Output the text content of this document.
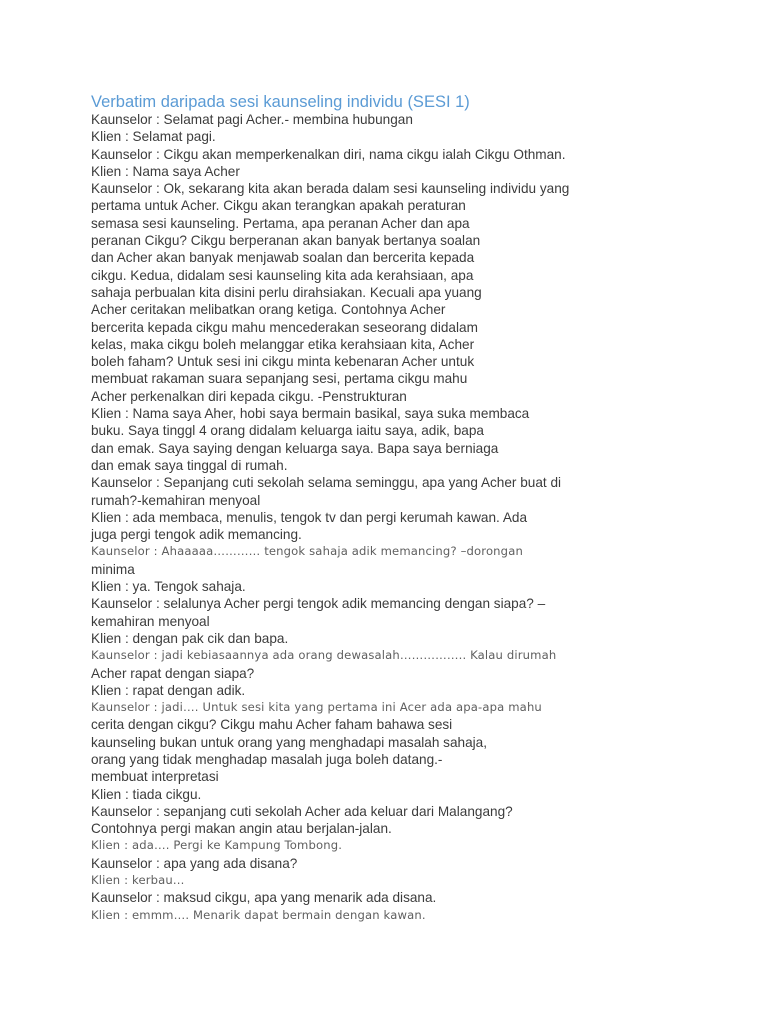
Verbatim daripada sesi kaunseling individu (SESI 1)
Kaunselor : Selamat pagi Acher.- membina hubungan
Klien : Selamat pagi.
Kaunselor : Cikgu akan memperkenalkan diri, nama cikgu ialah Cikgu Othman.
Klien : Nama saya Acher
Kaunselor : Ok, sekarang kita akan berada dalam sesi kaunseling individu yang
pertama untuk Acher. Cikgu akan terangkan apakah peraturan
semasa sesi kaunseling. Pertama, apa peranan Acher dan apa
peranan Cikgu? Cikgu berperanan akan banyak bertanya soalan
dan Acher akan banyak menjawab soalan dan bercerita kepada
cikgu. Kedua, didalam sesi kaunseling kita ada kerahsiaan, apa
sahaja perbualan kita disini perlu dirahsiakan. Kecuali apa yuang
Acher ceritakan melibatkan orang ketiga. Contohnya Acher
bercerita kepada cikgu mahu mencederakan seseorang didalam
kelas, maka cikgu boleh melanggar etika kerahsiaan kita, Acher
boleh faham? Untuk sesi ini cikgu minta kebenaran Acher untuk
membuat rakaman suara sepanjang sesi, pertama cikgu mahu
Acher perkenalkan diri kepada cikgu. -Penstrukturan
Klien : Nama saya Aher, hobi saya bermain basikal, saya suka membaca
buku. Saya tinggl 4 orang didalam keluarga iaitu saya, adik, bapa
dan emak. Saya saying dengan keluarga saya. Bapa saya berniaga
dan emak saya tinggal di rumah.
Kaunselor : Sepanjang cuti sekolah selama seminggu, apa yang Acher buat di
rumah?-kemahiran menyoal
Klien : ada membaca, menulis, tengok tv dan pergi kerumah kawan. Ada
juga pergi tengok adik memancing.
Kaunselor : Ahaaaaa………… tengok sahaja adik memancing? –dorongan
minima
Klien : ya. Tengok sahaja.
Kaunselor : selalunya Acher pergi tengok adik memancing dengan siapa? –
kemahiran menyoal
Klien : dengan pak cik dan bapa.
Kaunselor : jadi kebiasaannya ada orang dewasalah…………….. Kalau dirumah
Acher rapat dengan siapa?
Klien : rapat dengan adik.
Kaunselor : jadi…. Untuk sesi kita yang pertama ini Acer ada apa-apa mahu
cerita dengan cikgu? Cikgu mahu Acher faham bahawa sesi
kaunseling bukan untuk orang yang menghadapi masalah sahaja,
orang yang tidak menghadap masalah juga boleh datang.-
membuat interpretasi
Klien : tiada cikgu.
Kaunselor : sepanjang cuti sekolah Acher ada keluar dari Malangang?
Contohnya pergi makan angin atau berjalan-jalan.
Klien : ada…. Pergi ke Kampung Tombong.
Kaunselor : apa yang ada disana?
Klien : kerbau...
Kaunselor : maksud cikgu, apa yang menarik ada disana.
Klien : emmm…. Menarik dapat bermain dengan kawan.
